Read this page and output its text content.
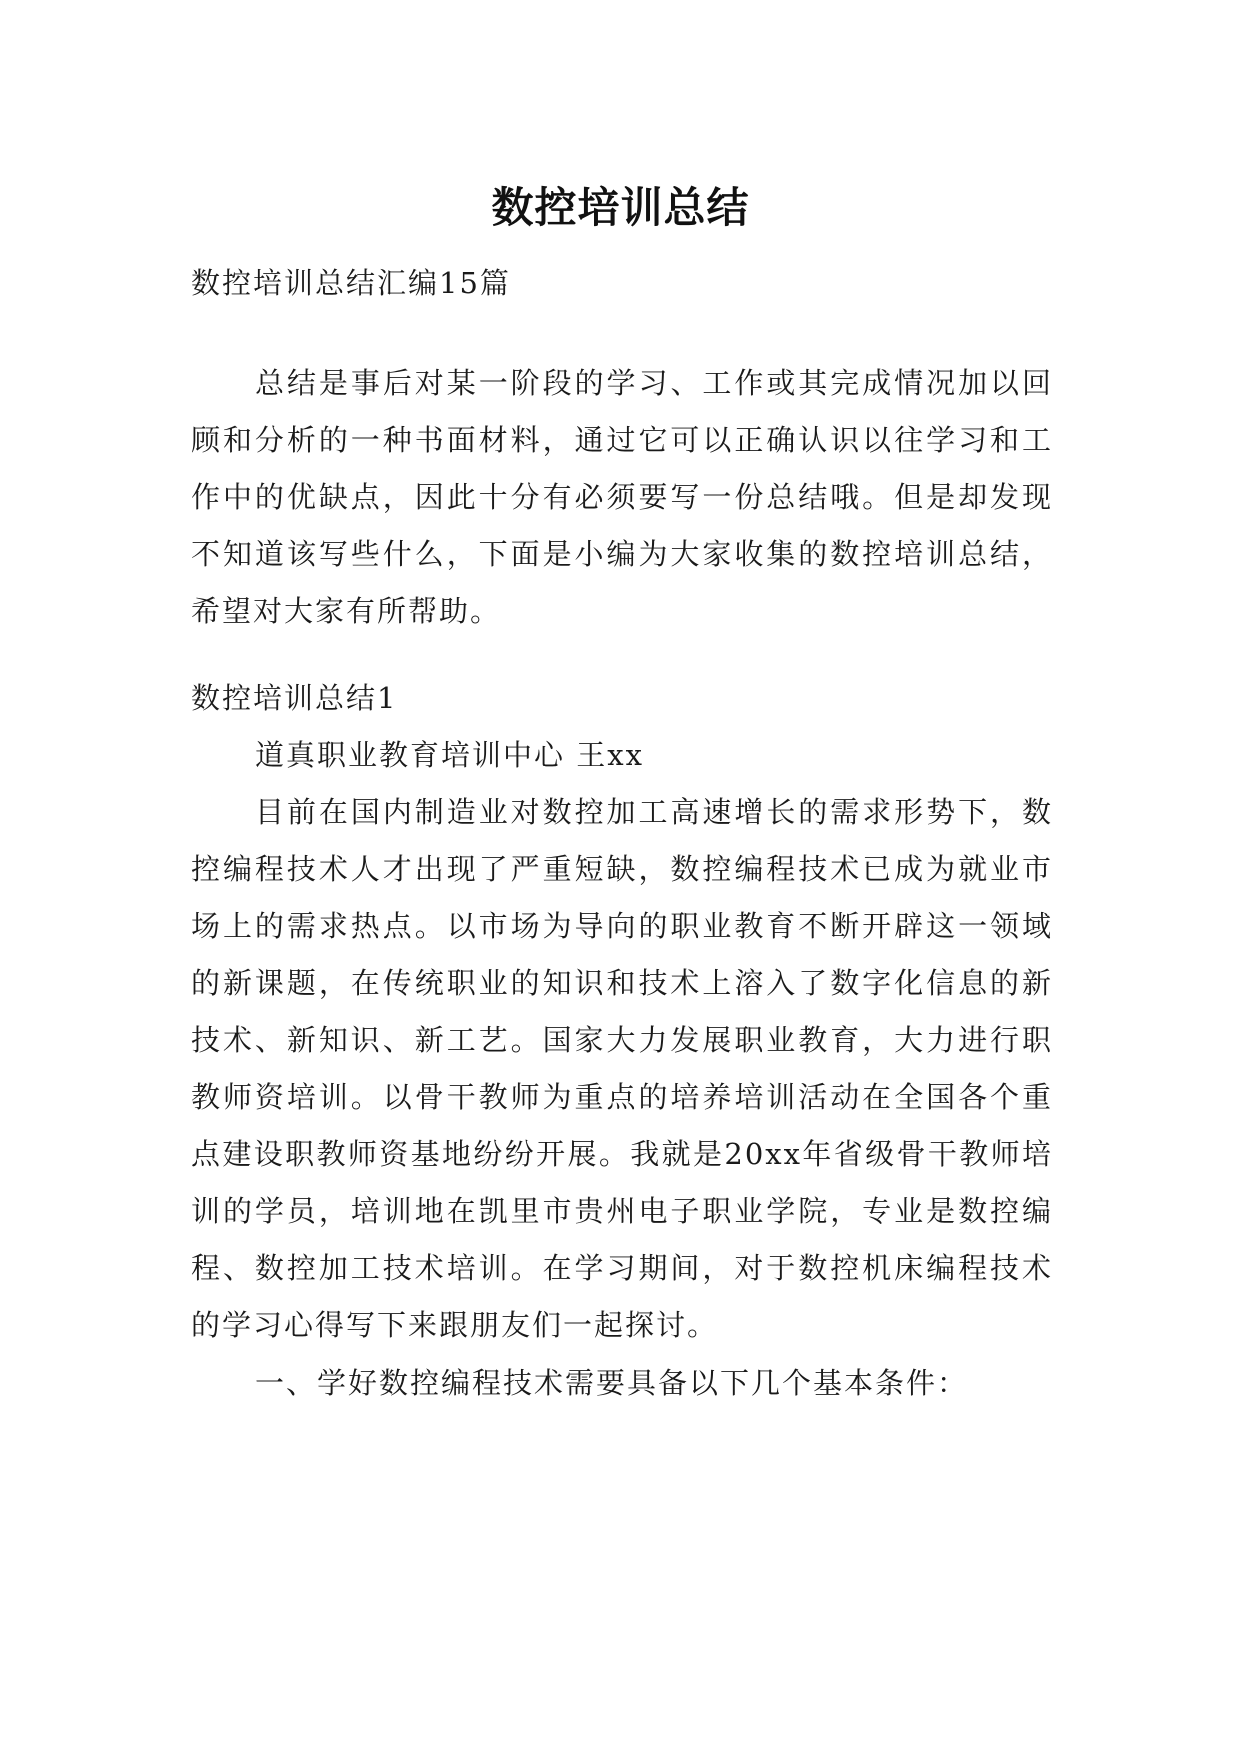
数控培训总结

数控培训总结汇编15篇

总结是事后对某一阶段的学习、工作或其完成情况加以回顾和分析的一种书面材料，通过它可以正确认识以往学习和工作中的优缺点，因此十分有必须要写一份总结哦。但是却发现不知道该写些什么，下面是小编为大家收集的数控培训总结，希望对大家有所帮助。

数控培训总结1

道真职业教育培训中心 王xx

目前在国内制造业对数控加工高速增长的需求形势下，数控编程技术人才出现了严重短缺，数控编程技术已成为就业市场上的需求热点。以市场为导向的职业教育不断开辟这一领域的新课题，在传统职业的知识和技术上溶入了数字化信息的新技术、新知识、新工艺。国家大力发展职业教育，大力进行职教师资培训。以骨干教师为重点的培养培训活动在全国各个重点建设职教师资基地纷纷开展。我就是20xx年省级骨干教师培训的学员，培训地在凯里市贵州电子职业学院，专业是数控编程、数控加工技术培训。在学习期间，对于数控机床编程技术的学习心得写下来跟朋友们一起探讨。

一、学好数控编程技术需要具备以下几个基本条件：
